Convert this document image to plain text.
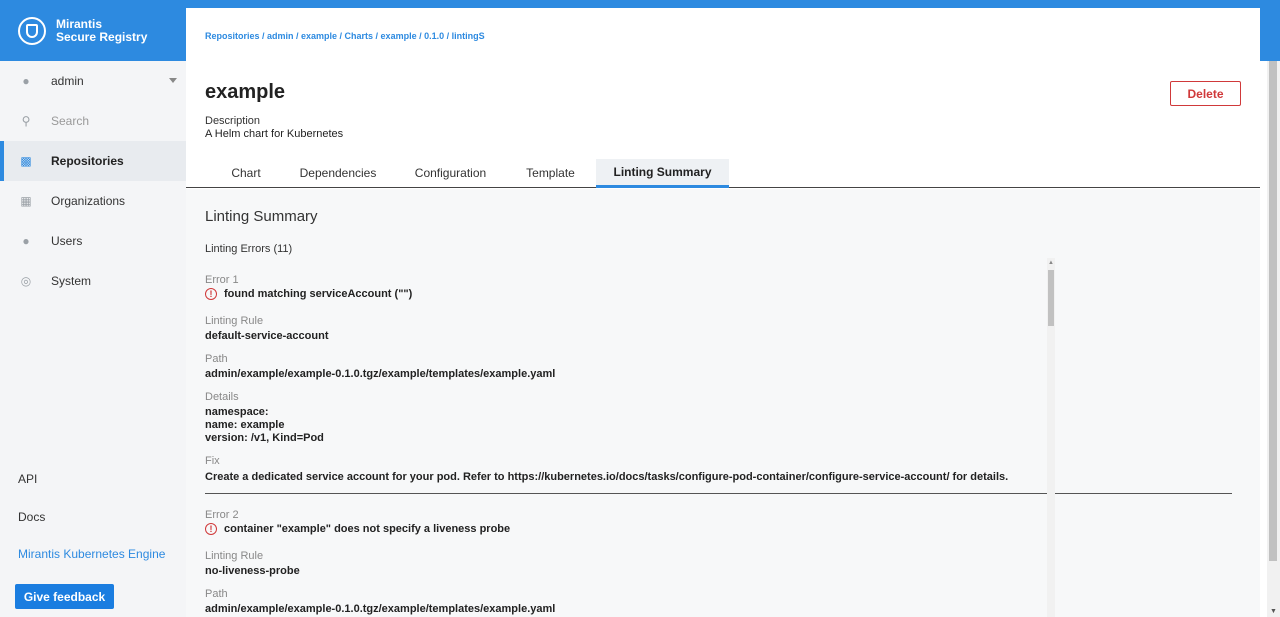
Mirantis
Secure Registry
●	admin
⚲	Search
▩ Repositories
▦ Organizations
●	Users
◎ System
API
Docs
Mirantis Kubernetes Engine
Give feedback
Repositories / admin / example / Charts / example / 0.1.0 / lintingS
example	Delete
Description
A Helm chart for Kubernetes
Chart	Dependencies	Configuration	Template	Linting Summary
Linting Summary
Linting Errors (11)
Error 1
!	found matching serviceAccount ("")
Linting Rule
default-service-account
Path
admin/example/example-0.1.0.tgz/example/templates/example.yaml
Details
namespace:
name: example
version: /v1, Kind=Pod
Fix
Create a dedicated service account for your pod. Refer to https://kubernetes.io/docs/tasks/configure-pod-container/configure-service-account/ for details.
Error 2
!	container "example" does not specify a liveness probe
Linting Rule
no-liveness-probe
Path
admin/example/example-0.1.0.tgz/example/templates/example.yaml
▲
▼
